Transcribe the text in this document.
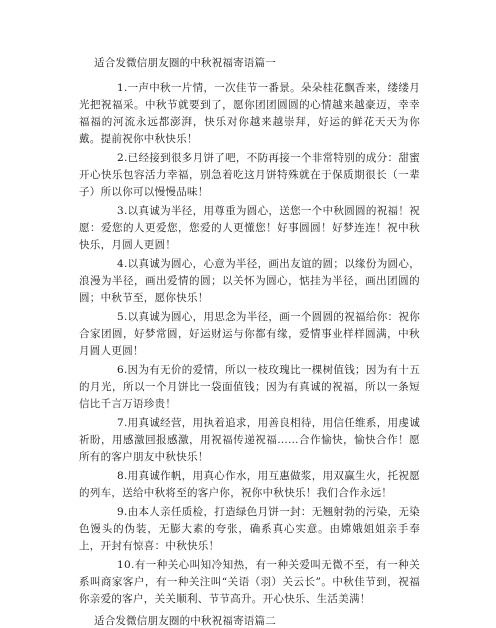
适合发微信朋友圈的中秋祝福寄语篇一
1.一声中秋一片情，一次佳节一番景。朵朵桂花飘香来，缕缕月光把祝福采。中秋节就要到了，愿你团团圆圆的心情越来越豪迈，幸幸福福的河流永远都澎湃，快乐对你越来越崇拜，好运的鲜花天天为你戴。提前祝你中秋快乐！
2.已经接到很多月饼了吧，不防再接一个非常特别的成分：甜蜜开心快乐包容活力幸福，别急着吃这月饼特殊就在于保质期很长（一辈子）所以你可以慢慢品味！
3.以真诚为半径，用尊重为圆心，送您一个中秋圆圆的祝福！祝愿：爱您的人更爱您，您爱的人更懂您！好事圆圆！好梦连连！祝中秋快乐，月圆人更圆！
4.以真诚为圆心，心意为半径，画出友谊的圆；以缘份为圆心，浪漫为半径，画出爱情的圆；以关怀为圆心，惦挂为半径，画出团圆的圆；中秋节至，愿你快乐！
5.以真诚为圆心，用思念为半径，画一个圆圆的祝福给你：祝你合家团圆，好梦常圆，好运财运与你都有缘，爱情事业样样圆满，中秋月圆人更圆！
6.因为有无价的爱情，所以一枝玫瑰比一棵树值钱；因为有十五的月光，所以一个月饼比一袋面值钱；因为有真诚的祝福，所以一条短信比千言万语珍贵！
7.用真诚经营，用执着追求，用善良相待，用信任维系，用虔诚祈盼，用感激回报感激，用祝福传递祝福……合作愉快，愉快合作！愿所有的客户朋友中秋快乐！
8.用真诚作帆，用真心作水，用互惠做浆，用双赢生火，托祝愿的列车，送给中秋将至的客户你，祝你中秋快乐！我们合作永远！
9.由本人亲任质检，打造绿色月饼一封：无翘射勃的污染，无染色馒头的伪装，无膨大素的夸张，确系真心实意。由嫦娥姐姐亲手奉上，开封有惊喜：中秋快乐！
10.有一种关心叫知冷知热，有一种关爱叫无微不至，有一种关系叫商家客户，有一种关注叫“关语（羽）关云长”。中秋佳节到，祝福你亲爱的客户，关关顺利、节节高升。开心快乐、生活美满！
适合发微信朋友圈的中秋祝福寄语篇二
